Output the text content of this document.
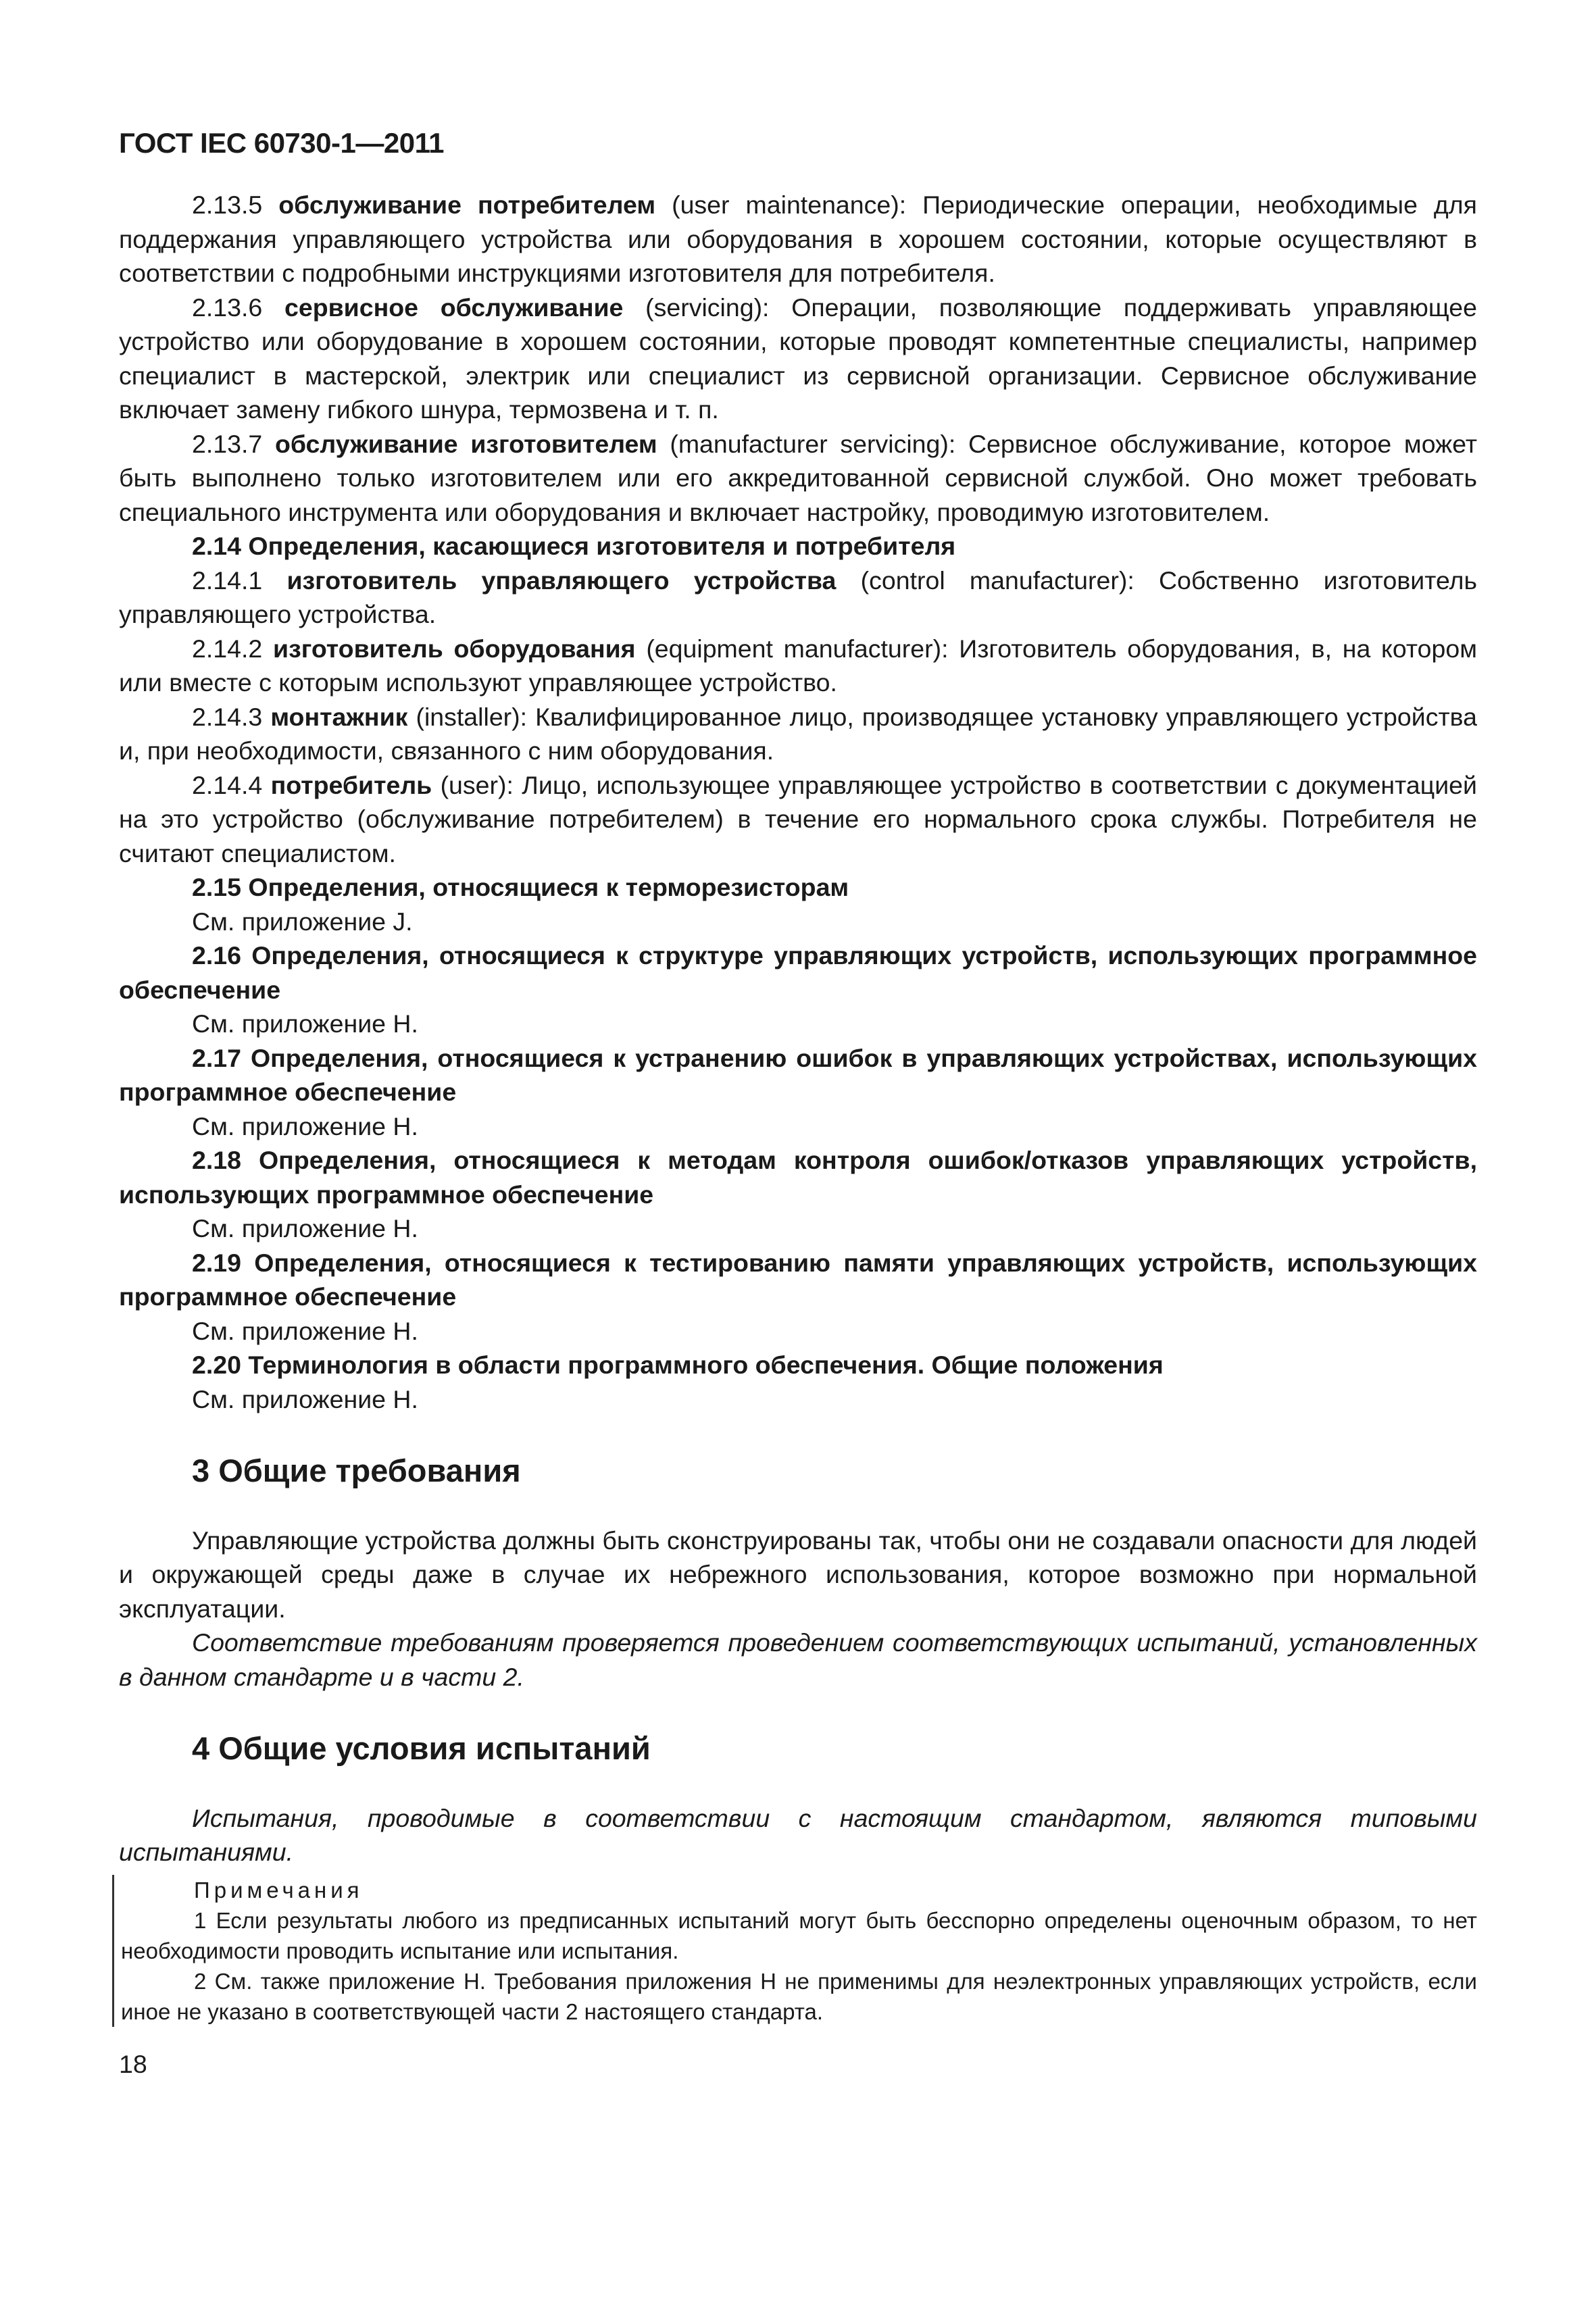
ГОСТ IEC 60730-1—2011

2.13.5 обслуживание потребителем (user maintenance): Периодические операции, необходимые для поддержания управляющего устройства или оборудования в хорошем состоянии, которые осуществляют в соответствии с подробными инструкциями изготовителя для потребителя.

2.13.6 сервисное обслуживание (servicing): Операции, позволяющие поддерживать управляющее устройство или оборудование в хорошем состоянии, которые проводят компетентные специалисты, например специалист в мастерской, электрик или специалист из сервисной организации. Сервисное обслуживание включает замену гибкого шнура, термозвена и т. п.

2.13.7 обслуживание изготовителем (manufacturer servicing): Сервисное обслуживание, которое может быть выполнено только изготовителем или его аккредитованной сервисной службой. Оно может требовать специального инструмента или оборудования и включает настройку, проводимую изготовителем.

2.14 Определения, касающиеся изготовителя и потребителя

2.14.1 изготовитель управляющего устройства (control manufacturer): Собственно изготовитель управляющего устройства.

2.14.2 изготовитель оборудования (equipment manufacturer): Изготовитель оборудования, в, на котором или вместе с которым используют управляющее устройство.

2.14.3 монтажник (installer): Квалифицированное лицо, производящее установку управляющего устройства и, при необходимости, связанного с ним оборудования.

2.14.4 потребитель (user): Лицо, использующее управляющее устройство в соответствии с документацией на это устройство (обслуживание потребителем) в течение его нормального срока службы. Потребителя не считают специалистом.

2.15 Определения, относящиеся к терморезисторам

См. приложение J.

2.16 Определения, относящиеся к структуре управляющих устройств, использующих программное обеспечение

См. приложение Н.

2.17 Определения, относящиеся к устранению ошибок в управляющих устройствах, использующих программное обеспечение

См. приложение Н.

2.18 Определения, относящиеся к методам контроля ошибок/отказов управляющих устройств, использующих программное обеспечение

См. приложение Н.

2.19 Определения, относящиеся к тестированию памяти управляющих устройств, использующих программное обеспечение

См. приложение Н.

2.20 Терминология в области программного обеспечения. Общие положения

См. приложение Н.

3 Общие требования

Управляющие устройства должны быть сконструированы так, чтобы они не создавали опасности для людей и окружающей среды даже в случае их небрежного использования, которое возможно при нормальной эксплуатации.

Соответствие требованиям проверяется проведением соответствующих испытаний, установленных в данном стандарте и в части 2.

4 Общие условия испытаний

Испытания, проводимые в соответствии с настоящим стандартом, являются типовыми испытаниями.

Примечания

1 Если результаты любого из предписанных испытаний могут быть бесспорно определены оценочным образом, то нет необходимости проводить испытание или испытания.

2 См. также приложение Н. Требования приложения Н не применимы для неэлектронных управляющих устройств, если иное не указано в соответствующей части 2 настоящего стандарта.

18
